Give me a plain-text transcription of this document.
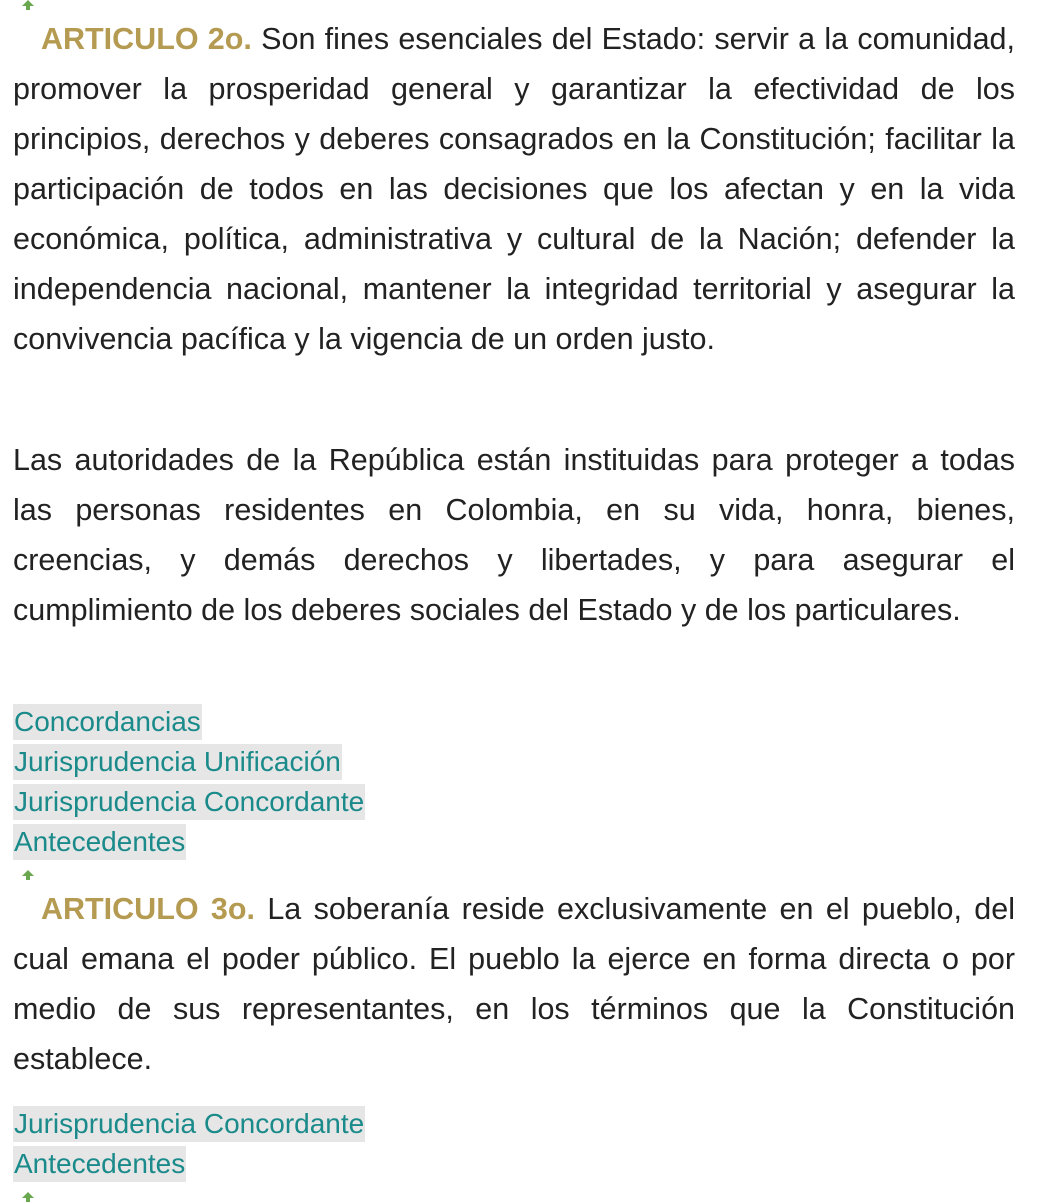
ARTICULO 2o. Son fines esenciales del Estado: servir a la comunidad, promover la prosperidad general y garantizar la efectividad de los principios, derechos y deberes consagrados en la Constitución; facilitar la participación de todos en las decisiones que los afectan y en la vida económica, política, administrativa y cultural de la Nación; defender la independencia nacional, mantener la integridad territorial y asegurar la convivencia pacífica y la vigencia de un orden justo.

Las autoridades de la República están instituidas para proteger a todas las personas residentes en Colombia, en su vida, honra, bienes, creencias, y demás derechos y libertades, y para asegurar el cumplimiento de los deberes sociales del Estado y de los particulares.

Concordancias
Jurisprudencia Unificación
Jurisprudencia Concordante
Antecedentes

ARTICULO 3o. La soberanía reside exclusivamente en el pueblo, del cual emana el poder público. El pueblo la ejerce en forma directa o por medio de sus representantes, en los términos que la Constitución establece.

Jurisprudencia Concordante
Antecedentes
